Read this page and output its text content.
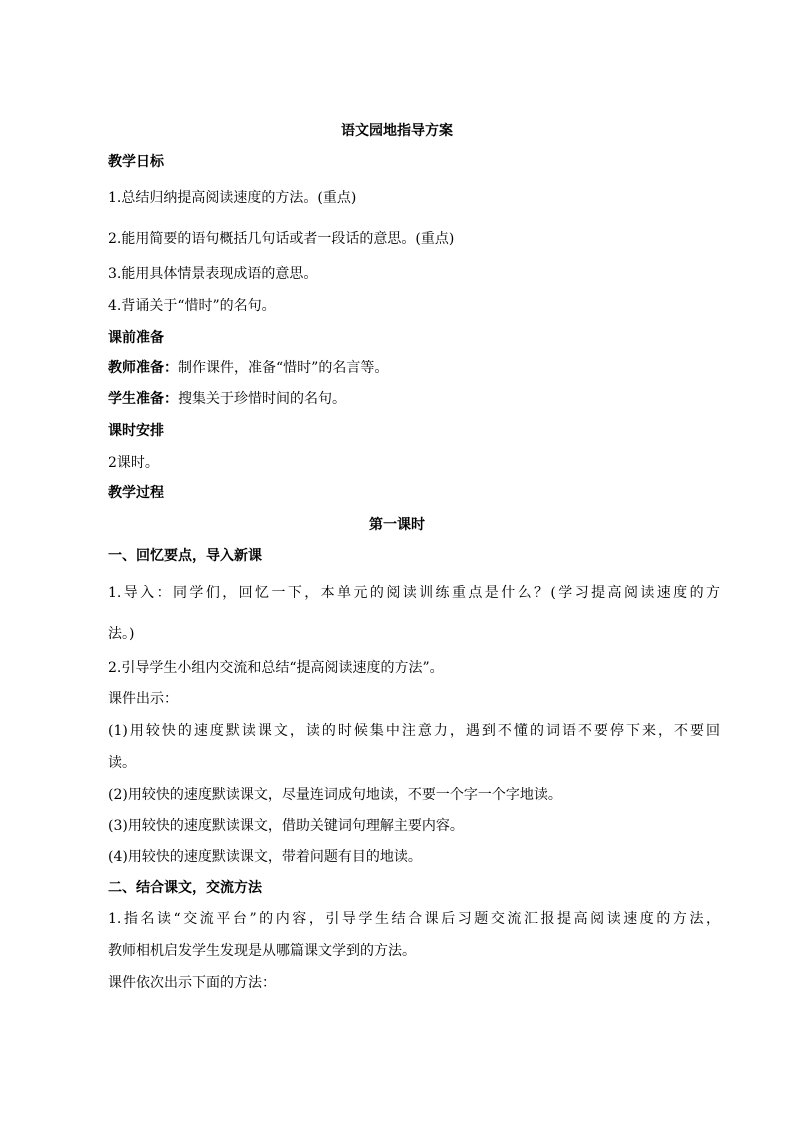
语文园地指导方案
教学日标
1.总结归纳提高阅读速度的方法。(重点)
2.能用简要的语句概括几句话或者一段话的意思。(重点)
3.能用具体情景表现成语的意思。
4.背诵关于“惜时”的名句。
课前准备
教师准备：制作课件，准备“惜时”的名言等。
学生准备：搜集关于珍惜时间的名句。
课时安排
2课时。
教学过程
第一课时
一、回忆要点，导入新课
1.导入：同学们，回忆一下，本单元的阅读训练重点是什么？(学习提高阅读速度的方
法。)
2.引导学生小组内交流和总结“提高阅读速度的方法”。
课件出示：
(1)用较快的速度默读课文，读的时候集中注意力，遇到不懂的词语不要停下来，不要回
读。
(2)用较快的速度默读课文，尽量连词成句地读，不要一个字一个字地读。
(3)用较快的速度默读课文，借助关键词句理解主要内容。
(4)用较快的速度默读课文，带着问题有目的地读。
二、结合课文，交流方法
1.指名读“交流平台”的内容，引导学生结合课后习题交流汇报提高阅读速度的方法，
教师相机启发学生发现是从哪篇课文学到的方法。
课件依次出示下面的方法：
